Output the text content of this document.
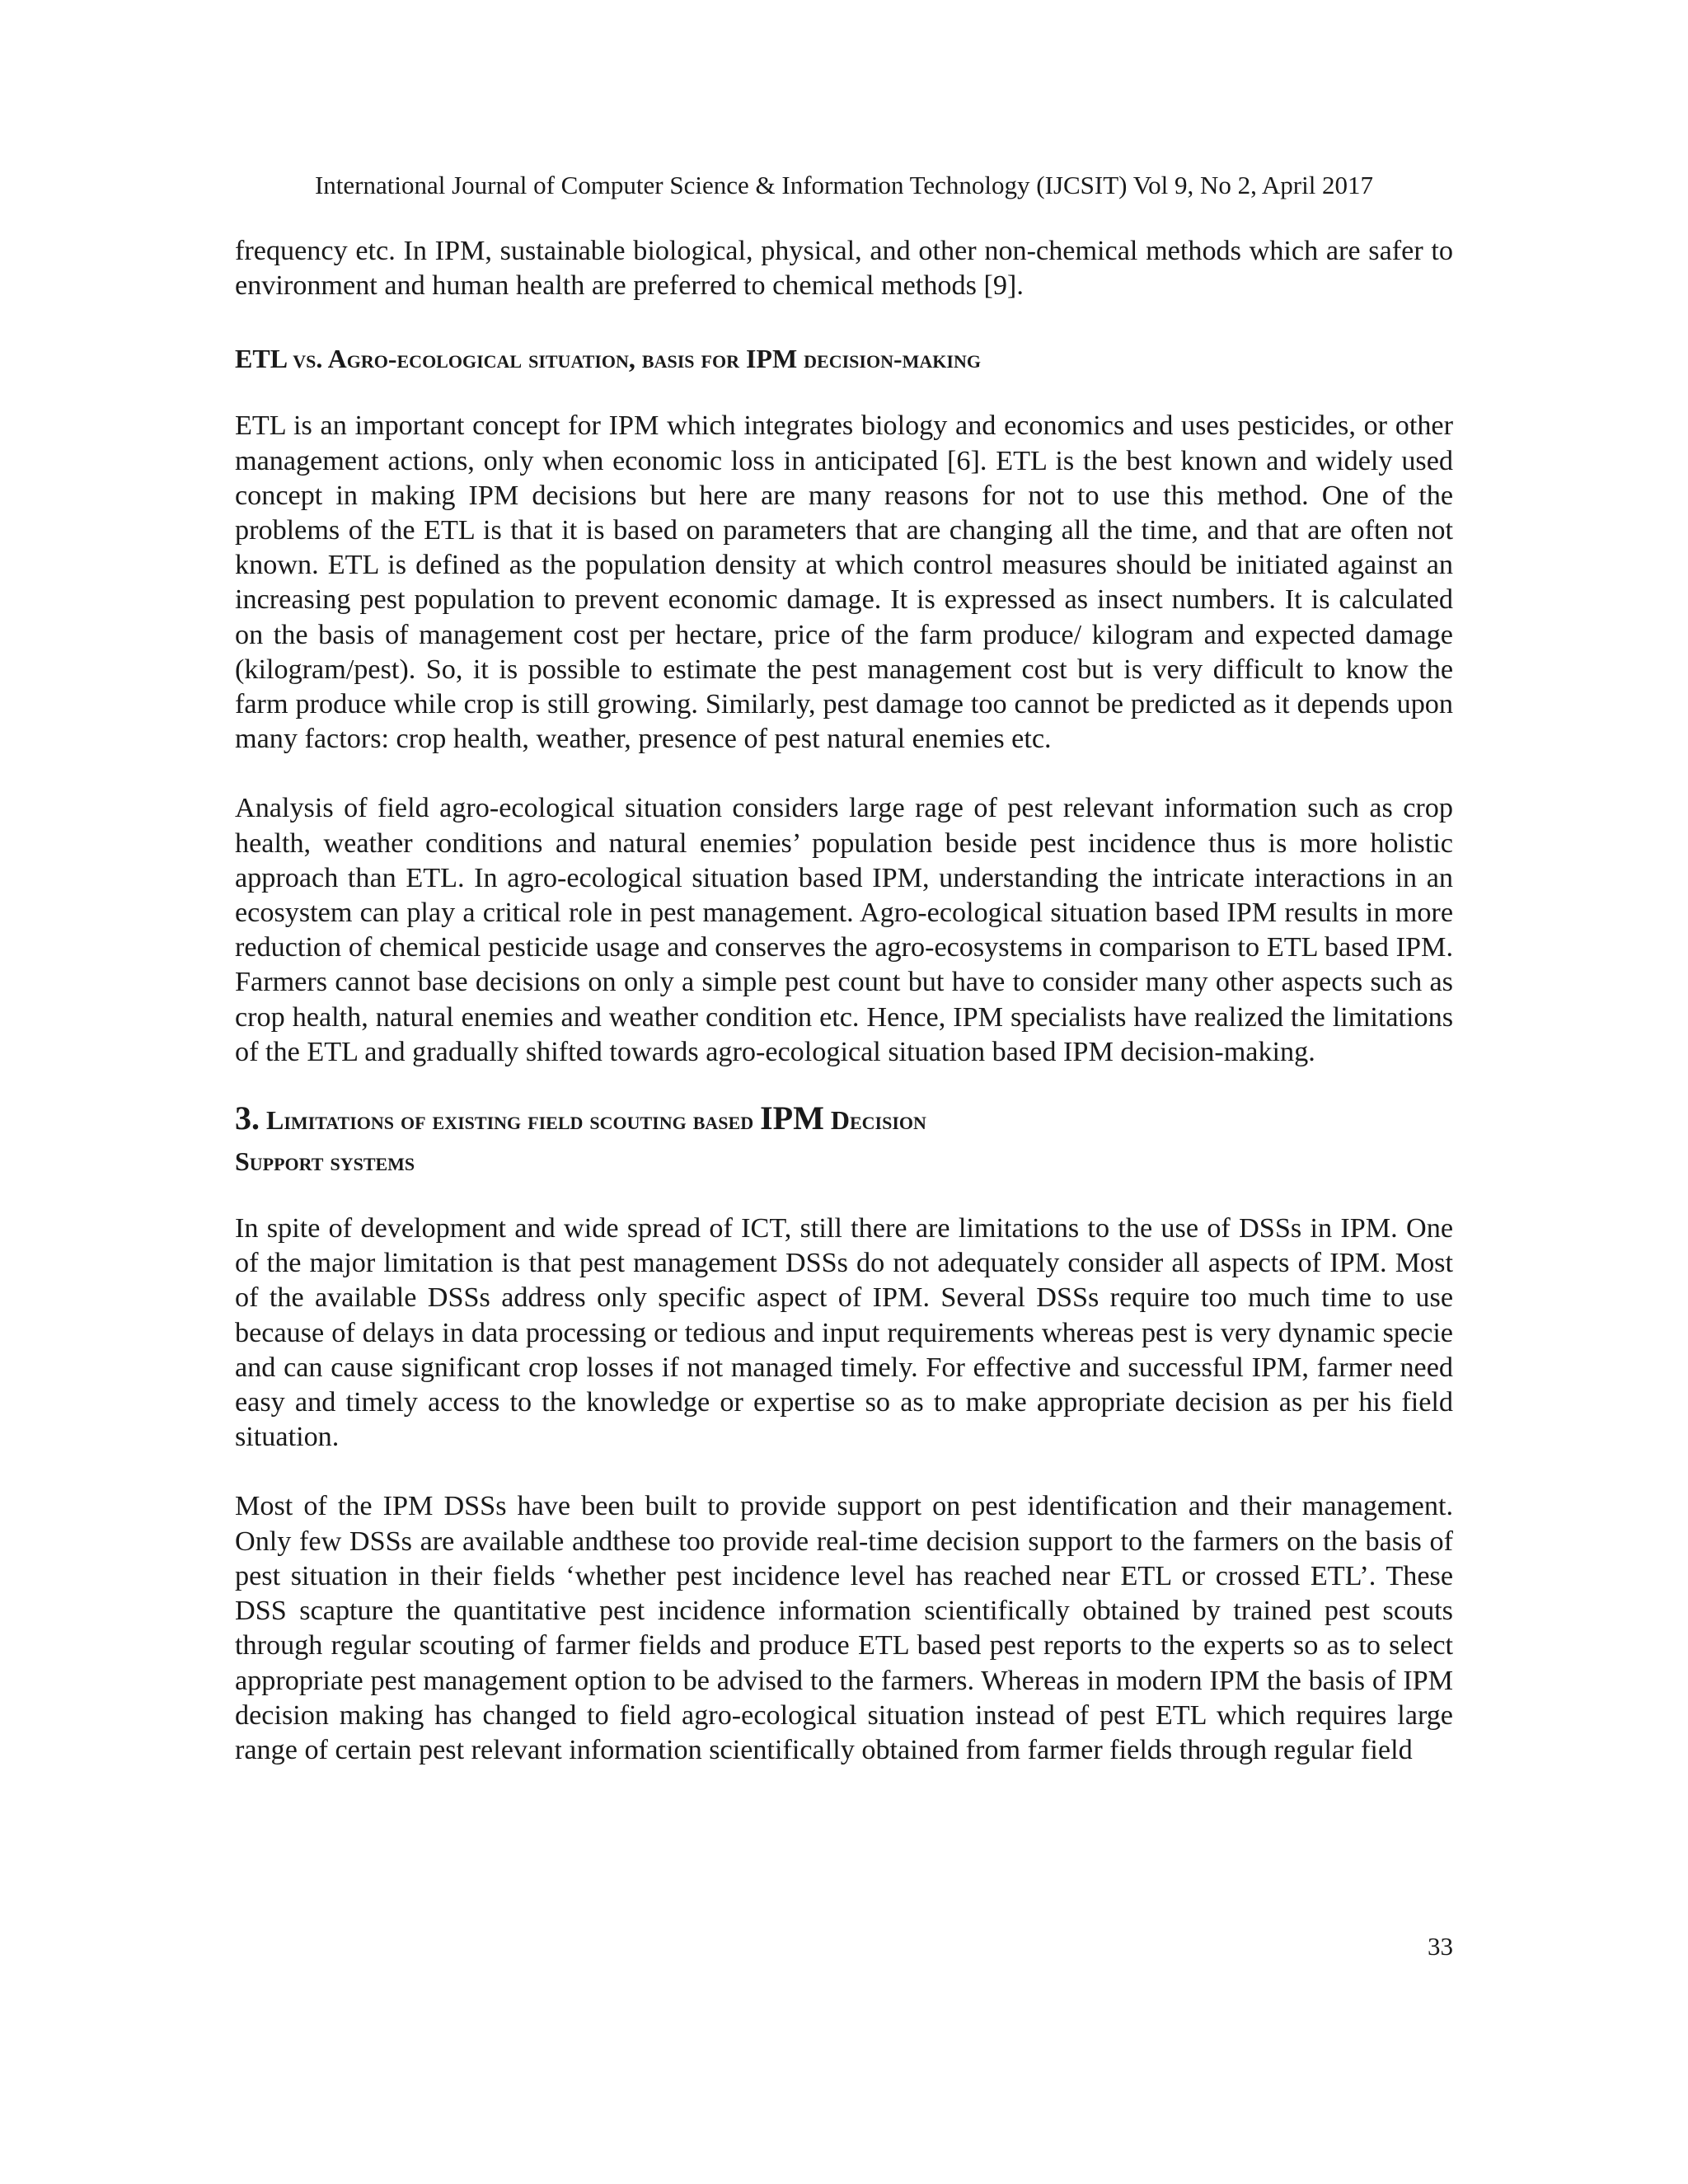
International Journal of Computer Science & Information Technology (IJCSIT) Vol 9, No 2, April 2017

frequency etc. In IPM, sustainable biological, physical, and other non-chemical methods which are safer to environment and human health are preferred to chemical methods [9].

ETL vs. Agro-ecological situation, basis for IPM decision-making

ETL is an important concept for IPM which integrates biology and economics and uses pesticides, or other management actions, only when economic loss in anticipated [6]. ETL is the best known and widely used concept in making IPM decisions but here are many reasons for not to use this method. One of the problems of the ETL is that it is based on parameters that are changing all the time, and that are often not known. ETL is defined as the population density at which control measures should be initiated against an increasing pest population to prevent economic damage. It is expressed as insect numbers. It is calculated on the basis of management cost per hectare, price of the farm produce/ kilogram and expected damage (kilogram/pest). So, it is possible to estimate the pest management cost but is very difficult to know the farm produce while crop is still growing. Similarly, pest damage too cannot be predicted as it depends upon many factors: crop health, weather, presence of pest natural enemies etc.

Analysis of field agro-ecological situation considers large rage of pest relevant information such as crop health, weather conditions and natural enemies’ population beside pest incidence thus is more holistic approach than ETL. In agro-ecological situation based IPM, understanding the intricate interactions in an ecosystem can play a critical role in pest management. Agro-ecological situation based IPM results in more reduction of chemical pesticide usage and conserves the agro-ecosystems in comparison to ETL based IPM. Farmers cannot base decisions on only a simple pest count but have to consider many other aspects such as crop health, natural enemies and weather condition etc. Hence, IPM specialists have realized the limitations of the ETL and gradually shifted towards agro-ecological situation based IPM decision-making.

3. Limitations of existing field scouting based IPM Decision
Support systems

In spite of development and wide spread of ICT, still there are limitations to the use of DSSs in IPM. One of the major limitation is that pest management DSSs do not adequately consider all aspects of IPM. Most of the available DSSs address only specific aspect of IPM. Several DSSs require too much time to use because of delays in data processing or tedious and input requirements whereas pest is very dynamic specie and can cause significant crop losses if not managed timely. For effective and successful IPM, farmer need easy and timely access to the knowledge or expertise so as to make appropriate decision as per his field situation.

Most of the IPM DSSs have been built to provide support on pest identification and their management. Only few DSSs are available andthese too provide real-time decision support to the farmers on the basis of pest situation in their fields ‘whether pest incidence level has reached near ETL or crossed ETL’. These DSS scapture the quantitative pest incidence information scientifically obtained by trained pest scouts through regular scouting of farmer fields and produce ETL based pest reports to the experts so as to select appropriate pest management option to be advised to the farmers. Whereas in modern IPM the basis of IPM decision making has changed to field agro-ecological situation instead of pest ETL which requires large range of certain pest relevant information scientifically obtained from farmer fields through regular field

33
